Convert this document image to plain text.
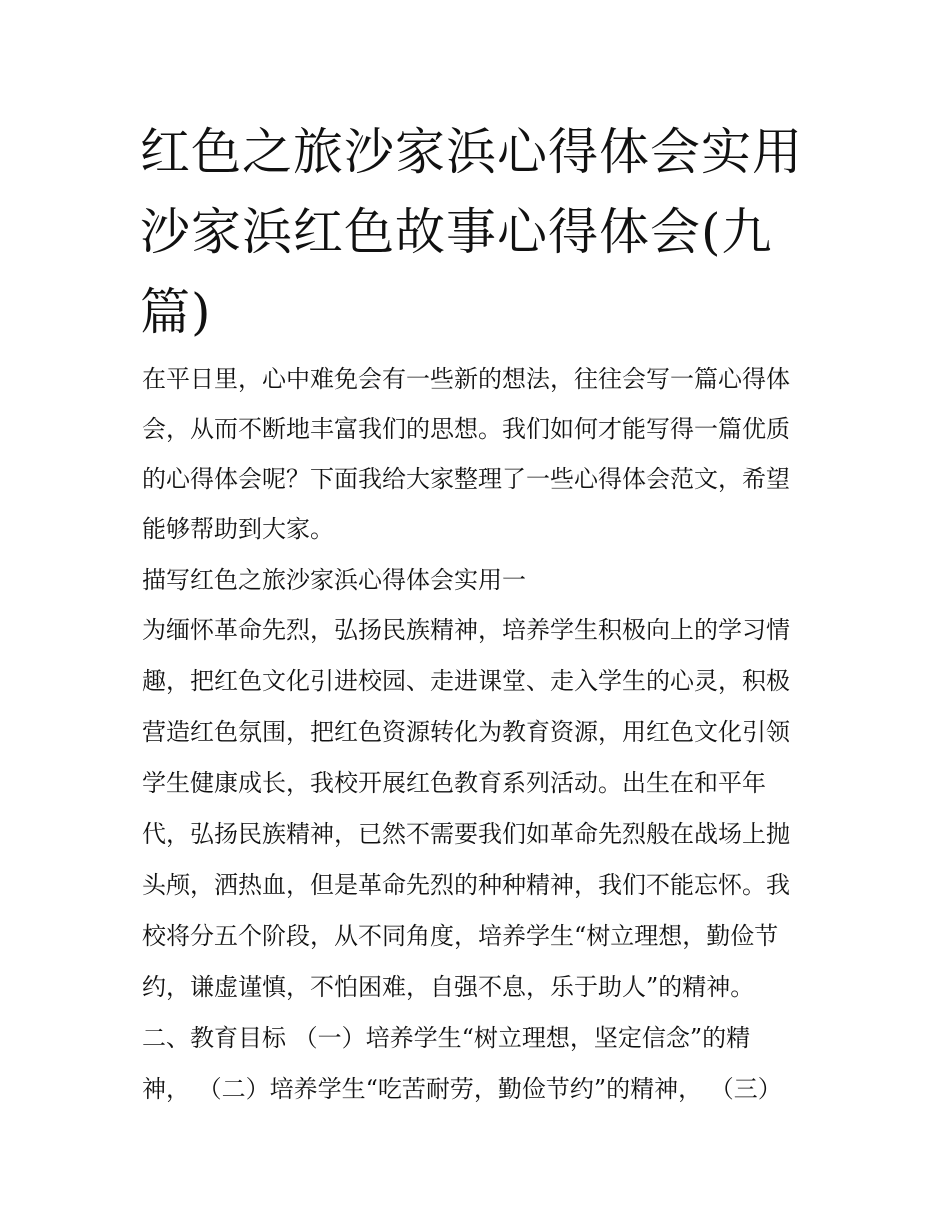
红色之旅沙家浜心得体会实用沙家浜红色故事心得体会(九篇)
在平日里，心中难免会有一些新的想法，往往会写一篇心得体
会，从而不断地丰富我们的思想。我们如何才能写得一篇优质
的心得体会呢？下面我给大家整理了一些心得体会范文，希望
能够帮助到大家。
描写红色之旅沙家浜心得体会实用一
为缅怀革命先烈，弘扬民族精神，培养学生积极向上的学习情
趣，把红色文化引进校园、走进课堂、走入学生的心灵，积极
营造红色氛围，把红色资源转化为教育资源，用红色文化引领
学生健康成长，我校开展红色教育系列活动。出生在和平年
代，弘扬民族精神，已然不需要我们如革命先烈般在战场上抛
头颅，洒热血，但是革命先烈的种种精神，我们不能忘怀。我
校将分五个阶段，从不同角度，培养学生“树立理想，勤俭节
约，谦虚谨慎，不怕困难，自强不息，乐于助人”的精神。
二、教育目标 （一）培养学生“树立理想，坚定信念”的精
神， （二）培养学生“吃苦耐劳，勤俭节约”的精神， （三）
